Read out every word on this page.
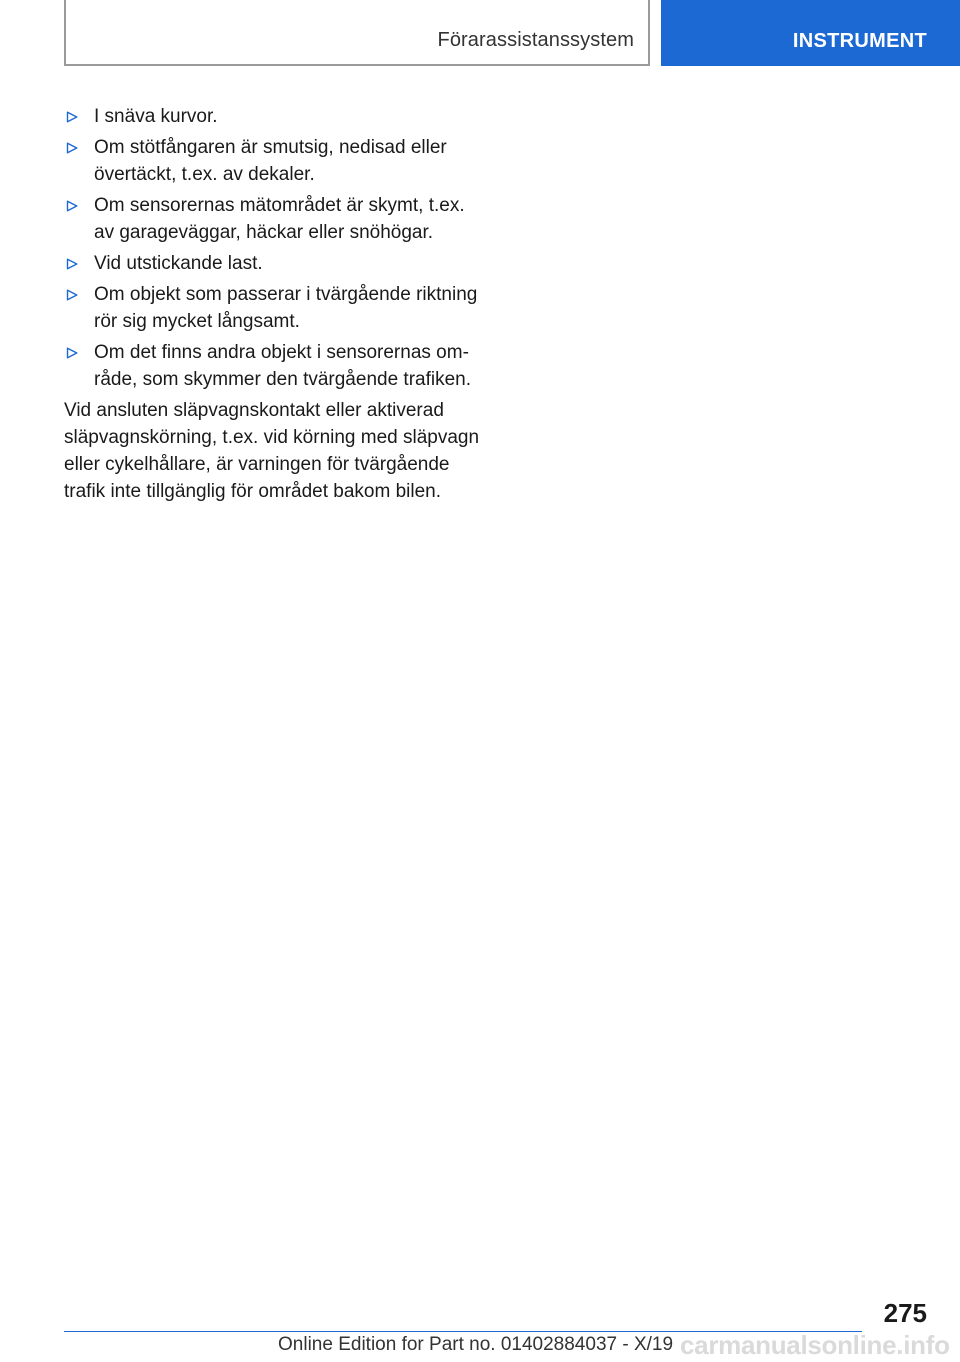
Förarassistanssystem	INSTRUMENT
I snäva kurvor.
Om stötfångaren är smutsig, nedisad eller övertäckt, t.ex. av dekaler.
Om sensorernas mätområdet är skymt, t.ex. av garageväggar, häckar eller snöhögar.
Vid utstickande last.
Om objekt som passerar i tvärgående riktning rör sig mycket långsamt.
Om det finns andra objekt i sensorernas område, som skymmer den tvärgående trafiken.

Vid ansluten släpvagnskontakt eller aktiverad släpvagnskörning, t.ex. vid körning med släpvagn eller cykelhållare, är varningen för tvärgående trafik inte tillgänglig för området bakom bilen.

275
Online Edition for Part no. 01402884037 - X/19 carmanualsonline.info
